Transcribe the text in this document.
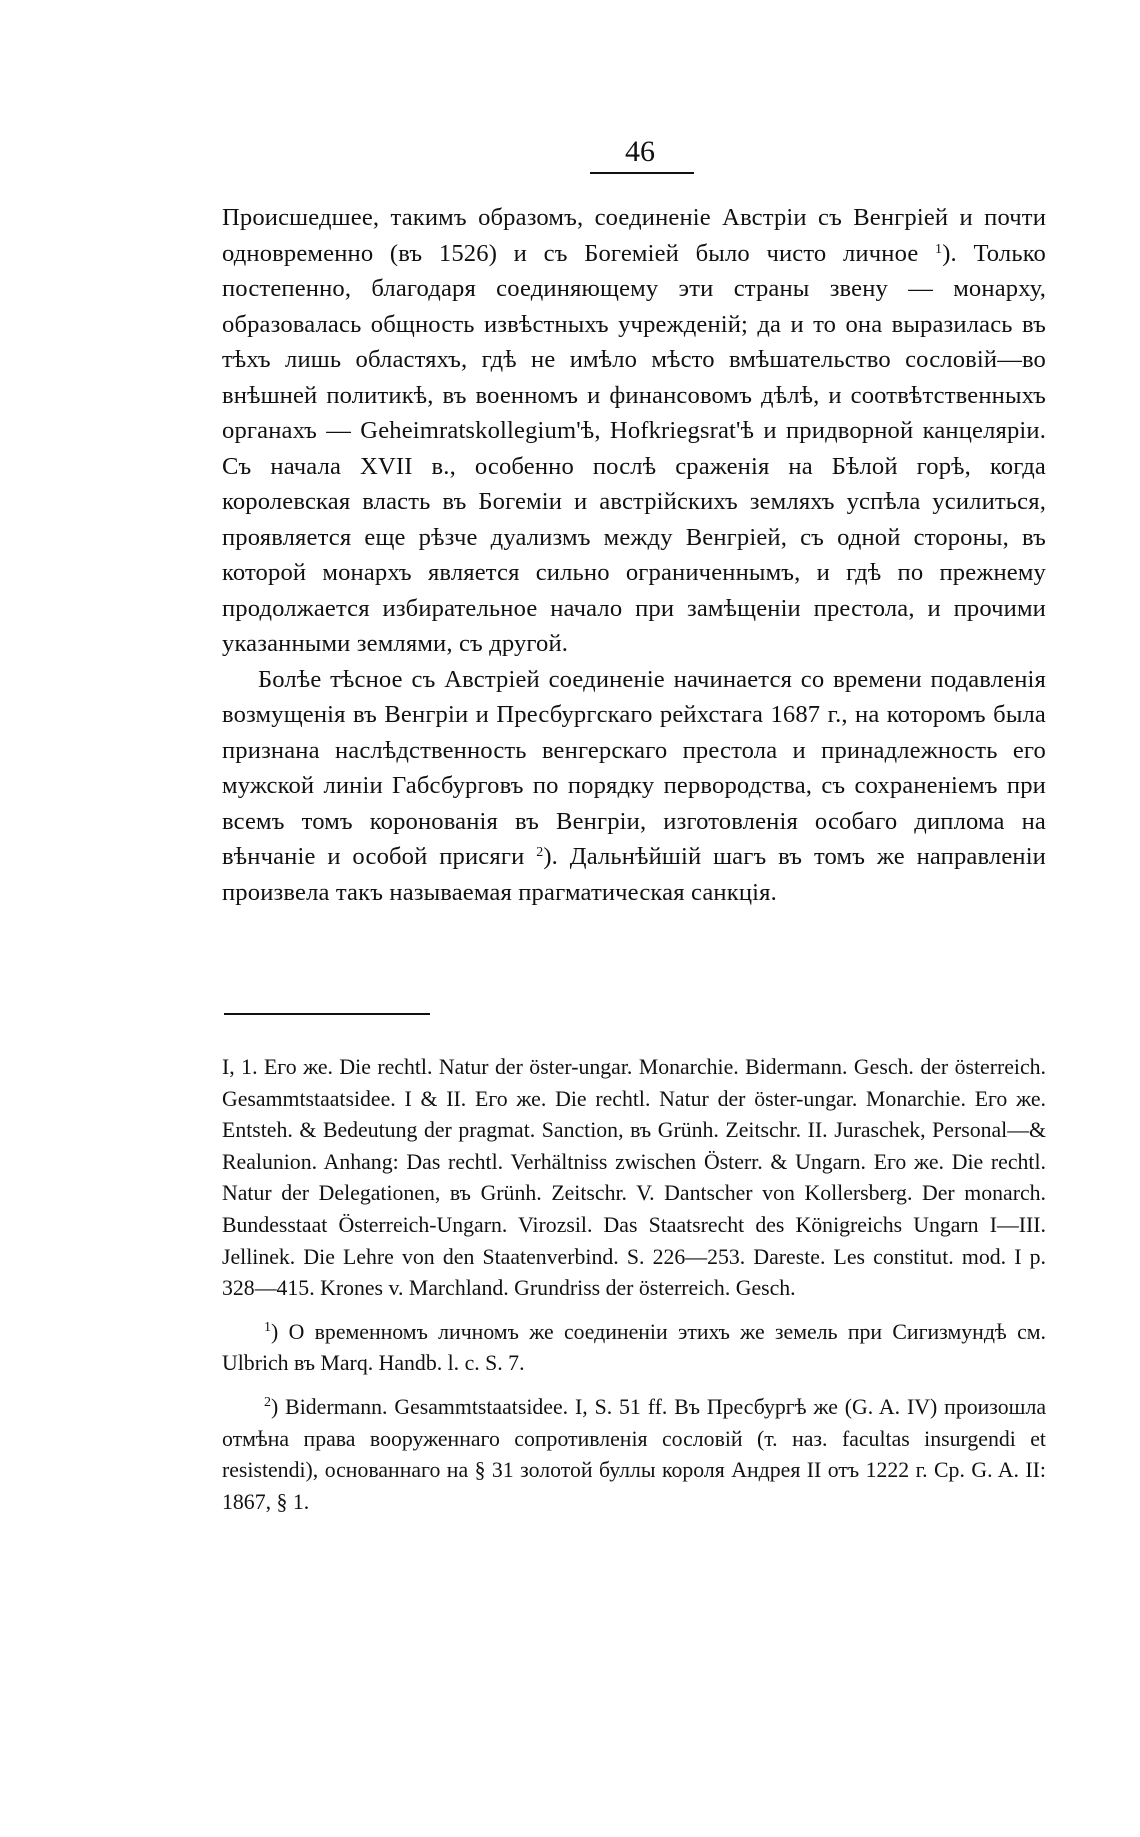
46

Происшедшее, такимъ образомъ, соединеніе Австріи съ Венгріей и почти одновременно (въ 1526) и съ Богеміей было чисто личное $^1$). Только постепенно, благодаря соединяющему эти страны звену — монарху, образовалась общность извѣстныхъ учрежденій; да и то она выразилась въ тѣхъ лишь областяхъ, гдѣ не имѣло мѣсто вмѣшательство сословій—во внѣшней политикѣ, въ военномъ и финансовомъ дѣлѣ, и соотвѣтственныхъ органахъ — Geheimratskollegium'ѣ, Hofkriegsrat'ѣ и придворной канцеляріи. Съ начала XVII в., особенно послѣ сраженія на Бѣлой горѣ, когда королевская власть въ Богеміи и австрійскихъ земляхъ успѣла усилиться, проявляется еще рѣзче дуализмъ между Венгріей, съ одной стороны, въ которой монархъ является сильно ограниченнымъ, и гдѣ по прежнему продолжается избирательное начало при замѣщеніи престола, и прочими указанными землями, съ другой.

Болѣе тѣсное съ Австріей соединеніе начинается со времени подавленія возмущенія въ Венгріи и Пресбургскаго рейхстага 1687 г., на которомъ была признана наслѣдственность венгерскаго престола и принадлежность его мужской линіи Габсбурговъ по порядку первородства, съ сохраненіемъ при всемъ томъ коронованія въ Венгріи, изготовленія особаго диплома на вѣнчаніе и особой присяги $^2$). Дальнѣйшій шагъ въ томъ же направленіи произвела такъ называемая прагматическая санкція.

I, 1. Его же. Die rechtl. Natur der öster-ungar. Monarchie. Bidermann. Gesch. der österreich. Gesammtstaatsidee. I & II. Его же. Die rechtl. Natur der öster-ungar. Monarchie. Его же. Entsteh. & Bedeutung der pragmat. Sanction, въ Grünh. Zeitschr. II. Juraschek, Personal—& Realunion. Anhang: Das rechtl. Verhältniss zwischen Österr. & Ungarn. Его же. Die rechtl. Natur der Delegationen, въ Grünh. Zeitschr. V. Dantscher von Kollersberg. Der monarch. Bundesstaat Österreich-Ungarn. Virozsil. Das Staatsrecht des Königreichs Ungarn I—III. Jellinek. Die Lehre von den Staatenverbind. S. 226—253. Dareste. Les constitut. mod. I p. 328—415. Krones v. Marchland. Grundriss der österreich. Gesch.

$^1$) О временномъ личномъ же соединеніи этихъ же земель при Сигизмундѣ см. Ulbrich въ Marq. Handb. l. c. S. 7.

$^2$) Bidermann. Gesammtstaatsidee. I, S. 51 ff. Въ Пресбургѣ же (G. A. IV) произошла отмѣна права вооруженнаго сопротивленія сословій (т. наз. facultas insurgendi et resistendi), основаннаго на § 31 золотой буллы короля Андрея II отъ 1222 г. Ср. G. A. II: 1867, § 1.
